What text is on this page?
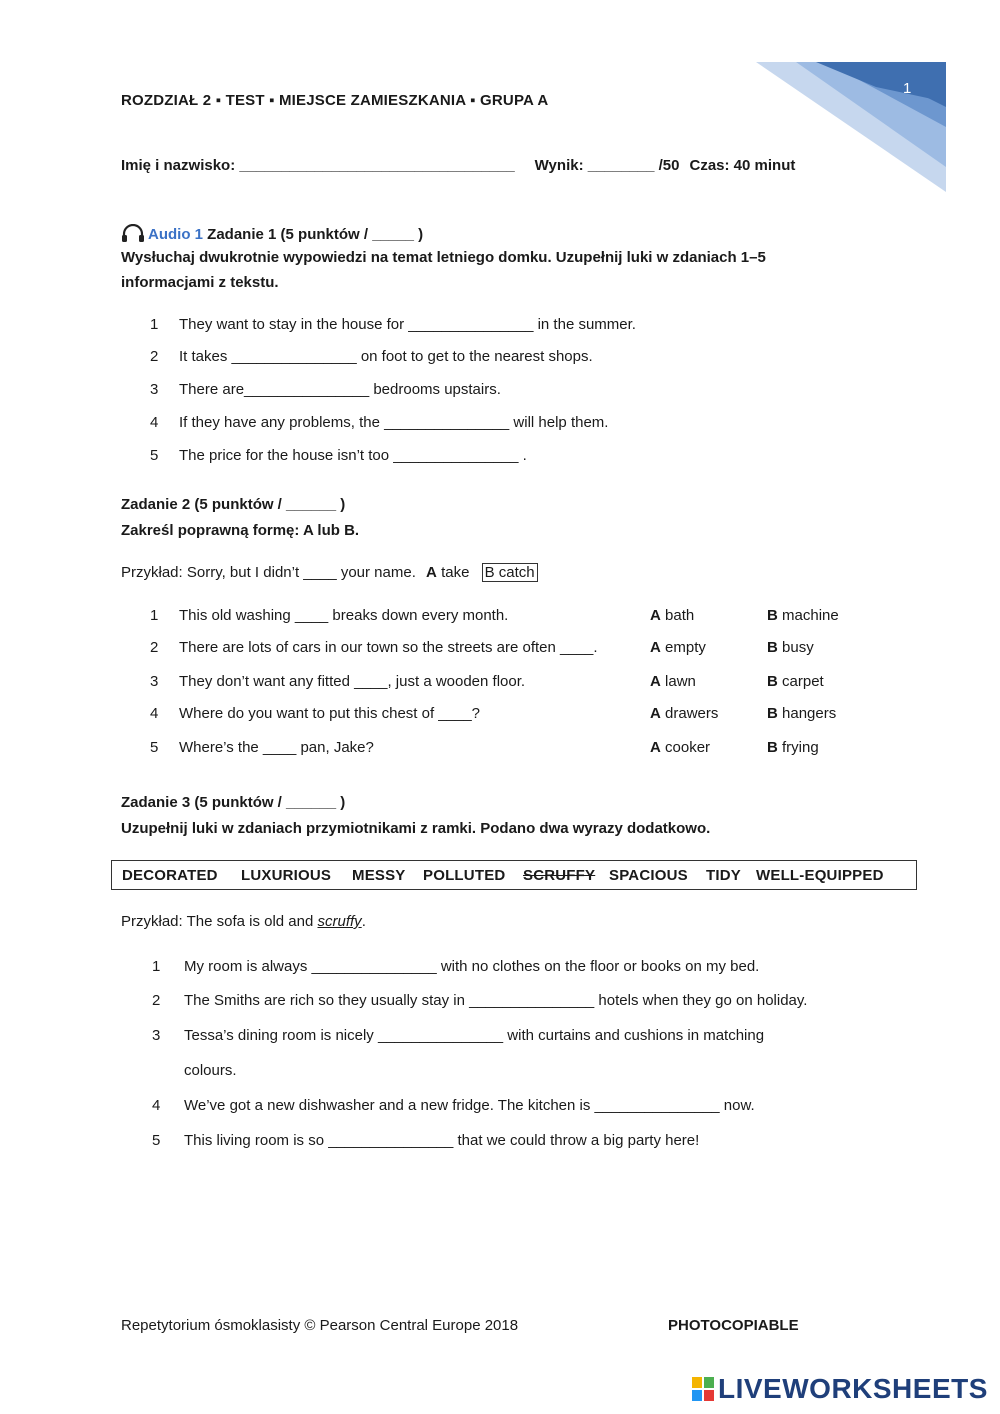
1
ROZDZIAŁ 2 ▪ TEST ▪ MIEJSCE ZAMIESZKANIA ▪ GRUPA A
Imię i nazwisko: _________________________________ Wynik: ________ /50 Czas: 40 minut
Audio 1 Zadanie 1 (5 punktów / _____ )
Wysłuchaj dwukrotnie wypowiedzi na temat letniego domku. Uzupełnij luki w zdaniach 1–5
informacjami z tekstu.
1 They want to stay in the house for _______________ in the summer.
2 It takes _______________ on foot to get to the nearest shops.
3 There are_______________ bedrooms upstairs.
4 If they have any problems, the _______________ will help them.
5 The price for the house isn’t too _______________ .
Zadanie 2 (5 punktów / ______ )
Zakreśl poprawną formę: A lub B.
Przykład: Sorry, but I didn’t ____ your name. A take B catch
1 This old washing ____ breaks down every month.	A bath	B machine
2 There are lots of cars in our town so the streets are often ____.	A empty	B busy
3 They don’t want any fitted ____, just a wooden floor.	A lawn	B carpet
4 Where do you want to put this chest of ____?	A drawers	B hangers
5 Where’s the ____ pan, Jake?	A cooker	B frying
Zadanie 3 (5 punktów / ______ )
Uzupełnij luki w zdaniach przymiotnikami z ramki. Podano dwa wyrazy dodatkowo.
DECORATED LUXURIOUS MESSY POLLUTED SCRUFFY SPACIOUS TIDY WELL-EQUIPPED
Przykład: The sofa is old and scruffy.
1 My room is always _______________ with no clothes on the floor or books on my bed.
2 The Smiths are rich so they usually stay in _______________ hotels when they go on holiday.
3 Tessa’s dining room is nicely _______________ with curtains and cushions in matching
colours.
4 We’ve got a new dishwasher and a new fridge. The kitchen is _______________ now.
5 This living room is so _______________ that we could throw a big party here!
Repetytorium ósmoklasisty © Pearson Central Europe 2018	PHOTOCOPIABLE
LIVEWORKSHEETS
